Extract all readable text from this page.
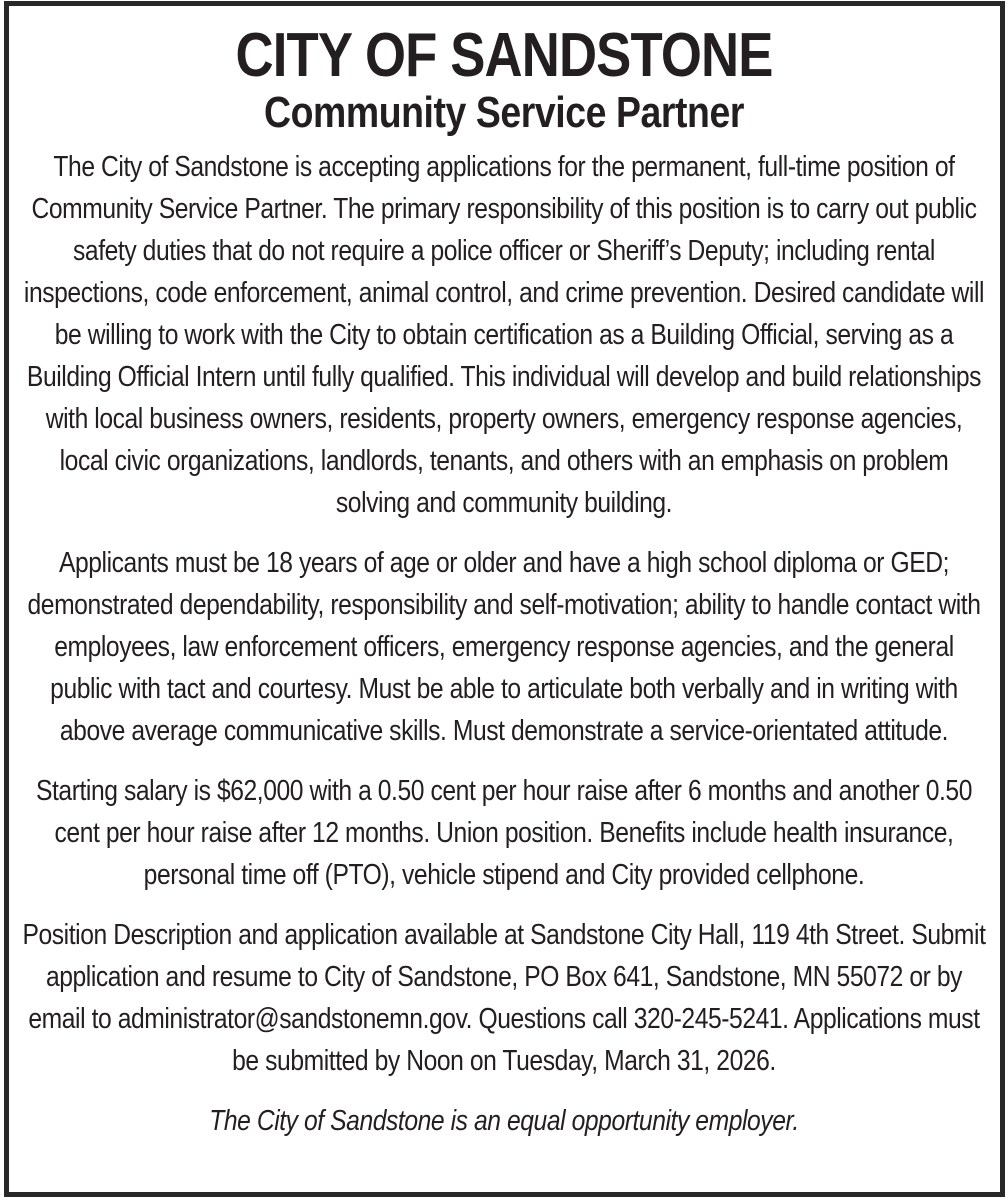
CITY OF SANDSTONE
Community Service Partner

The City of Sandstone is accepting applications for the permanent, full-time position of Community Service Partner. The primary responsibility of this position is to carry out public safety duties that do not require a police officer or Sheriff’s Deputy; including rental inspections, code enforcement, animal control, and crime prevention. Desired candidate will be willing to work with the City to obtain certification as a Building Official, serving as a Building Official Intern until fully qualified. This individual will develop and build relationships with local business owners, residents, property owners, emergency response agencies, local civic organizations, landlords, tenants, and others with an emphasis on problem solving and community building.

Applicants must be 18 years of age or older and have a high school diploma or GED; demonstrated dependability, responsibility and self-motivation; ability to handle contact with employees, law enforcement officers, emergency response agencies, and the general public with tact and courtesy. Must be able to articulate both verbally and in writing with above average communicative skills. Must demonstrate a service-orientated attitude.

Starting salary is $62,000 with a 0.50 cent per hour raise after 6 months and another 0.50 cent per hour raise after 12 months. Union position. Benefits include health insurance, personal time off (PTO), vehicle stipend and City provided cellphone.

Position Description and application available at Sandstone City Hall, 119 4th Street. Submit application and resume to City of Sandstone, PO Box 641, Sandstone, MN 55072 or by email to administrator@sandstonemn.gov. Questions call 320-245-5241. Applications must be submitted by Noon on Tuesday, March 31, 2026.

The City of Sandstone is an equal opportunity employer.
